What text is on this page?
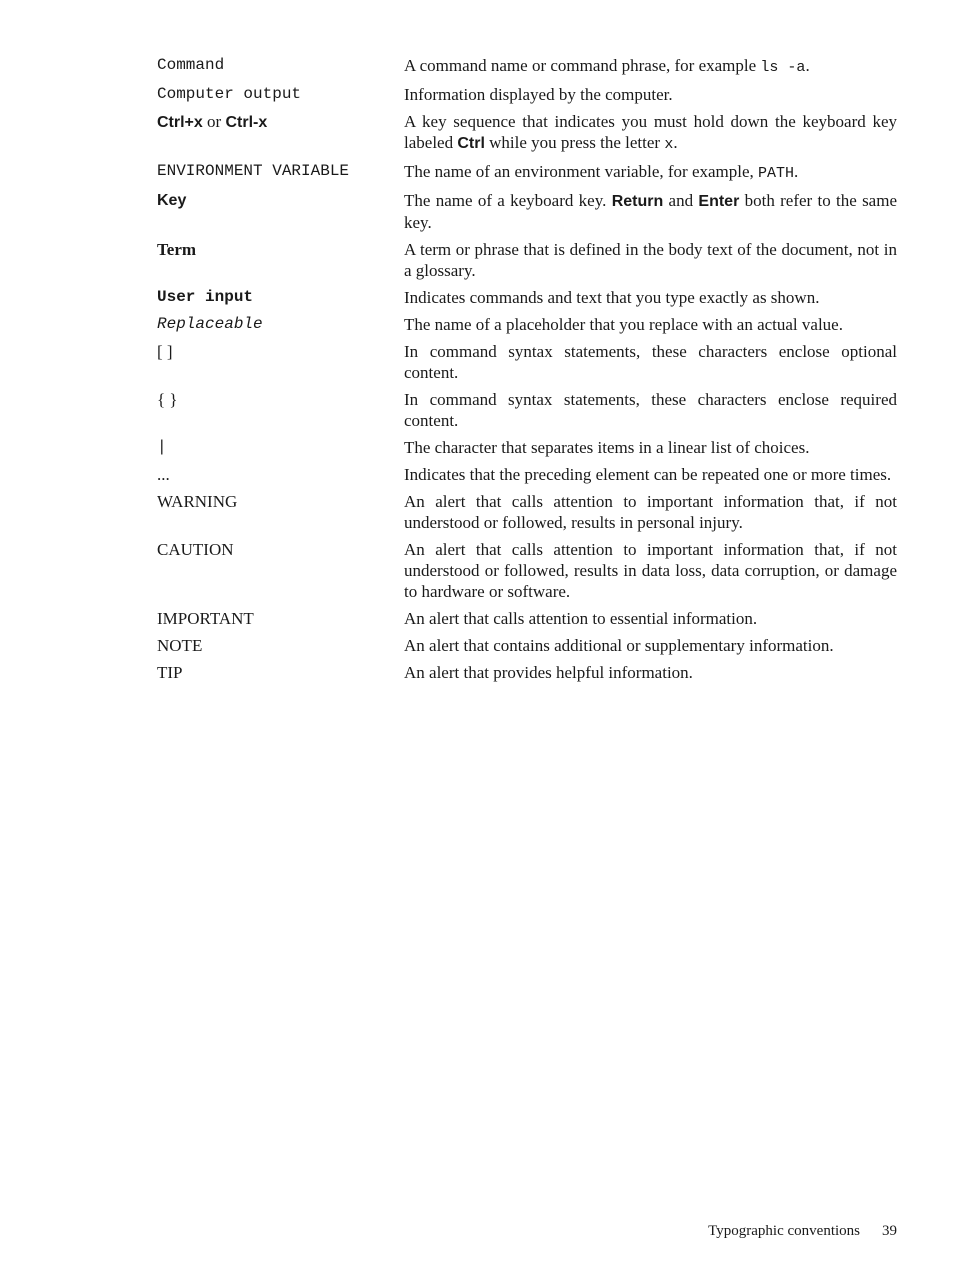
Command	A command name or command phrase, for example ls -a.
Computer output	Information displayed by the computer.
Ctrl+x or Ctrl-x	A key sequence that indicates you must hold down the keyboard key labeled Ctrl while you press the letter x.
ENVIRONMENT VARIABLE	The name of an environment variable, for example, PATH.
Key	The name of a keyboard key. Return and Enter both refer to the same key.
Term	A term or phrase that is defined in the body text of the document, not in a glossary.
User input	Indicates commands and text that you type exactly as shown.
Replaceable	The name of a placeholder that you replace with an actual value.
[ ]	In command syntax statements, these characters enclose optional content.
{ }	In command syntax statements, these characters enclose required content.
|	The character that separates items in a linear list of choices.
...	Indicates that the preceding element can be repeated one or more times.
WARNING	An alert that calls attention to important information that, if not understood or followed, results in personal injury.
CAUTION	An alert that calls attention to important information that, if not understood or followed, results in data loss, data corruption, or damage to hardware or software.
IMPORTANT	An alert that calls attention to essential information.
NOTE	An alert that contains additional or supplementary information.
TIP	An alert that provides helpful information.
Typographic conventions 39
